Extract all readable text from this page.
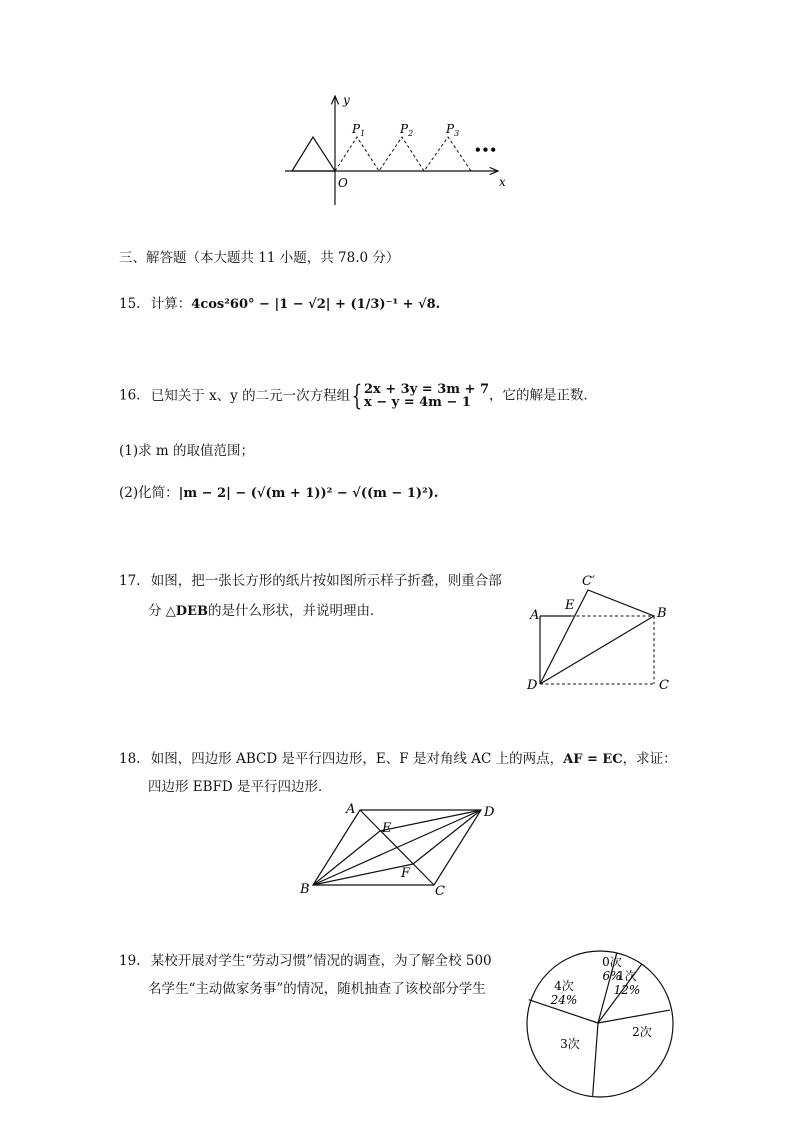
y
x
O
$P_1$	$P_2$	$P_3$
•••
三、解答题（本大题共 11 小题，共 78.0 分）
15. 计算：4cos²60° − |1 − √2| + (1/3)⁻¹ + √8.
16. 已知关于 x、y 的二元一次方程组{ 2x + 3y = 3m + 7
x − y = 4m − 1	，它的解是正数．
(1)求 m 的取值范围；
(2)化简：|m − 2| − (√(m + 1))² − √((m − 1)²).
17. 如图，把一张长方形的纸片按如图所示样子折叠，则重合部
分 △DEB的是什么形状，并说明理由．	A	B
C
C′
D
E
18. 如图，四边形 ABCD 是平行四边形，E、F 是对角线 AC 上的两点，AF = EC，求证：
四边形 EBFD 是平行四边形．
A
B	C
D
E
F
19. 某校开展对学生“劳动习惯”情况的调查，为了解全校 500
名学生“主动做家务事”的情况，随机抽查了该校部分学生
0次
6%
1次
12%
2次
3次
4次
24%
